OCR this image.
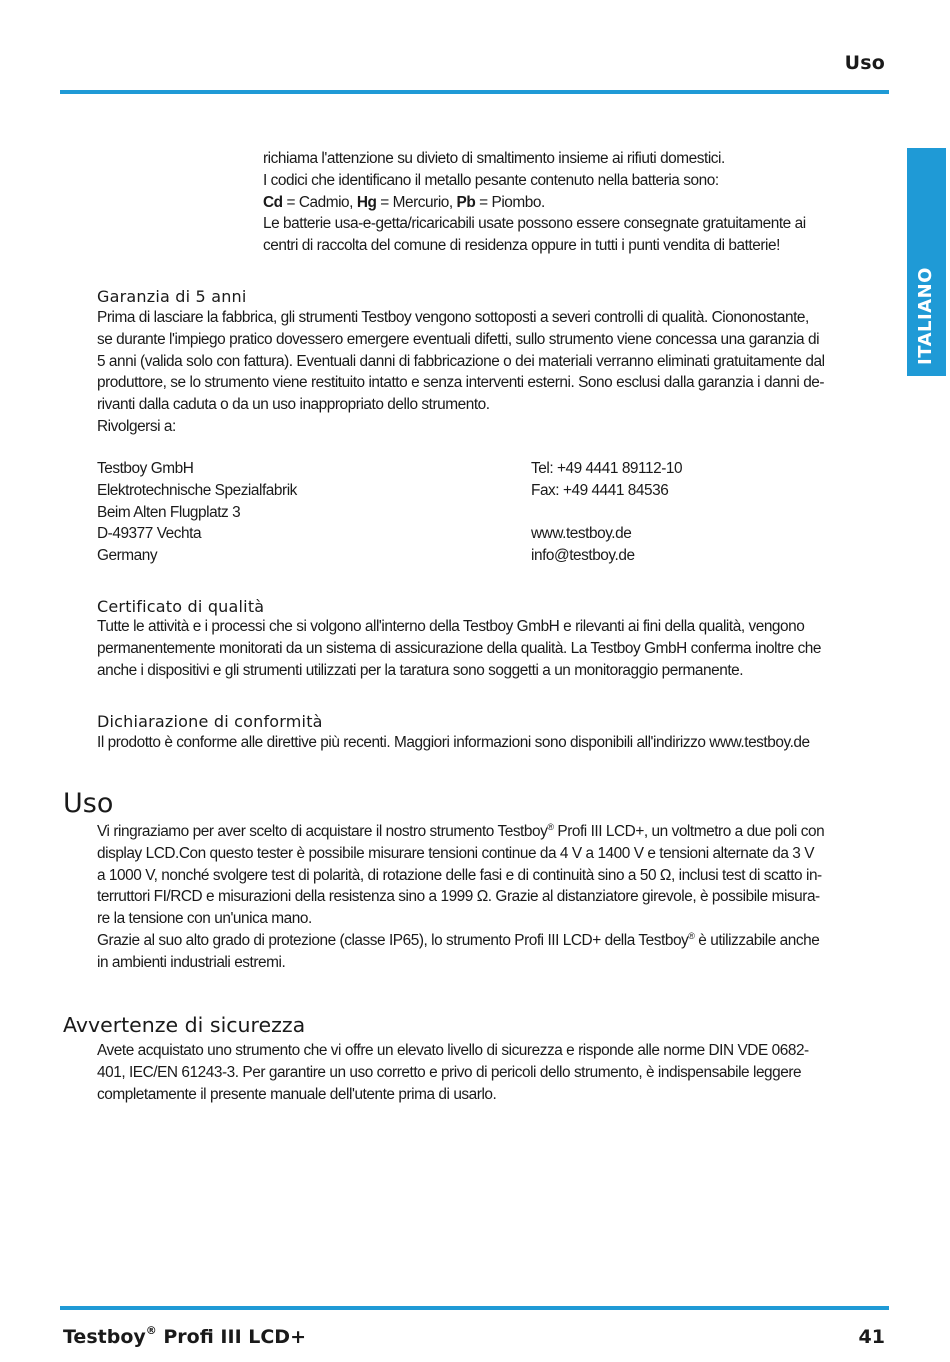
Uso
ITALIANO
richiama l'attenzione su divieto di smaltimento insieme ai rifiuti domestici.
I codici che identificano il metallo pesante contenuto nella batteria sono:
Cd = Cadmio, Hg = Mercurio, Pb = Piombo.
Le batterie usa-e-getta/ricaricabili usate possono essere consegnate gratuitamente ai
centri di raccolta del comune di residenza oppure in tutti i punti vendita di batterie!
Garanzia di 5 anni
Prima di lasciare la fabbrica, gli strumenti Testboy vengono sottoposti a severi controlli di qualità. Ciononostante,
se durante l'impiego pratico dovessero emergere eventuali difetti, sullo strumento viene concessa una garanzia di
5 anni (valida solo con fattura). Eventuali danni di fabbricazione o dei materiali verranno eliminati gratuitamente dal
produttore, se lo strumento viene restituito intatto e senza interventi esterni. Sono esclusi dalla garanzia i danni de-
rivanti dalla caduta o da un uso inappropriato dello strumento.
Rivolgersi a:
Testboy GmbH
Elektrotechnische Spezialfabrik
Beim Alten Flugplatz 3
D-49377 Vechta
Germany
Tel: +49 4441 89112-10
Fax: +49 4441 84536

www.testboy.de
info@testboy.de
Certificato di qualità
Tutte le attività e i processi che si volgono all'interno della Testboy GmbH e rilevanti ai fini della qualità, vengono
permanentemente monitorati da un sistema di assicurazione della qualità. La Testboy GmbH conferma inoltre che
anche i dispositivi e gli strumenti utilizzati per la taratura sono soggetti a un monitoraggio permanente.
Dichiarazione di conformità
Il prodotto è conforme alle direttive più recenti. Maggiori informazioni sono disponibili all'indirizzo www.testboy.de
Uso
Vi ringraziamo per aver scelto di acquistare il nostro strumento Testboy® Profi III LCD+, un voltmetro a due poli con
display LCD.Con questo tester è possibile misurare tensioni continue da 4 V a 1400 V e tensioni alternate da 3 V
a 1000 V, nonché svolgere test di polarità, di rotazione delle fasi e di continuità sino a 50 Ω, inclusi test di scatto in-
terruttori FI/RCD e misurazioni della resistenza sino a 1999 Ω. Grazie al distanziatore girevole, è possibile misura-
re la tensione con un'unica mano.
Grazie al suo alto grado di protezione (classe IP65), lo strumento Profi III LCD+ della Testboy® è utilizzabile anche
in ambienti industriali estremi.
Avvertenze di sicurezza
Avete acquistato uno strumento che vi offre un elevato livello di sicurezza e risponde alle norme DIN VDE 0682-
401, IEC/EN 61243-3. Per garantire un uso corretto e privo di pericoli dello strumento, è indispensabile leggere
completamente il presente manuale dell'utente prima di usarlo.
Testboy® Profi III LCD+	41
